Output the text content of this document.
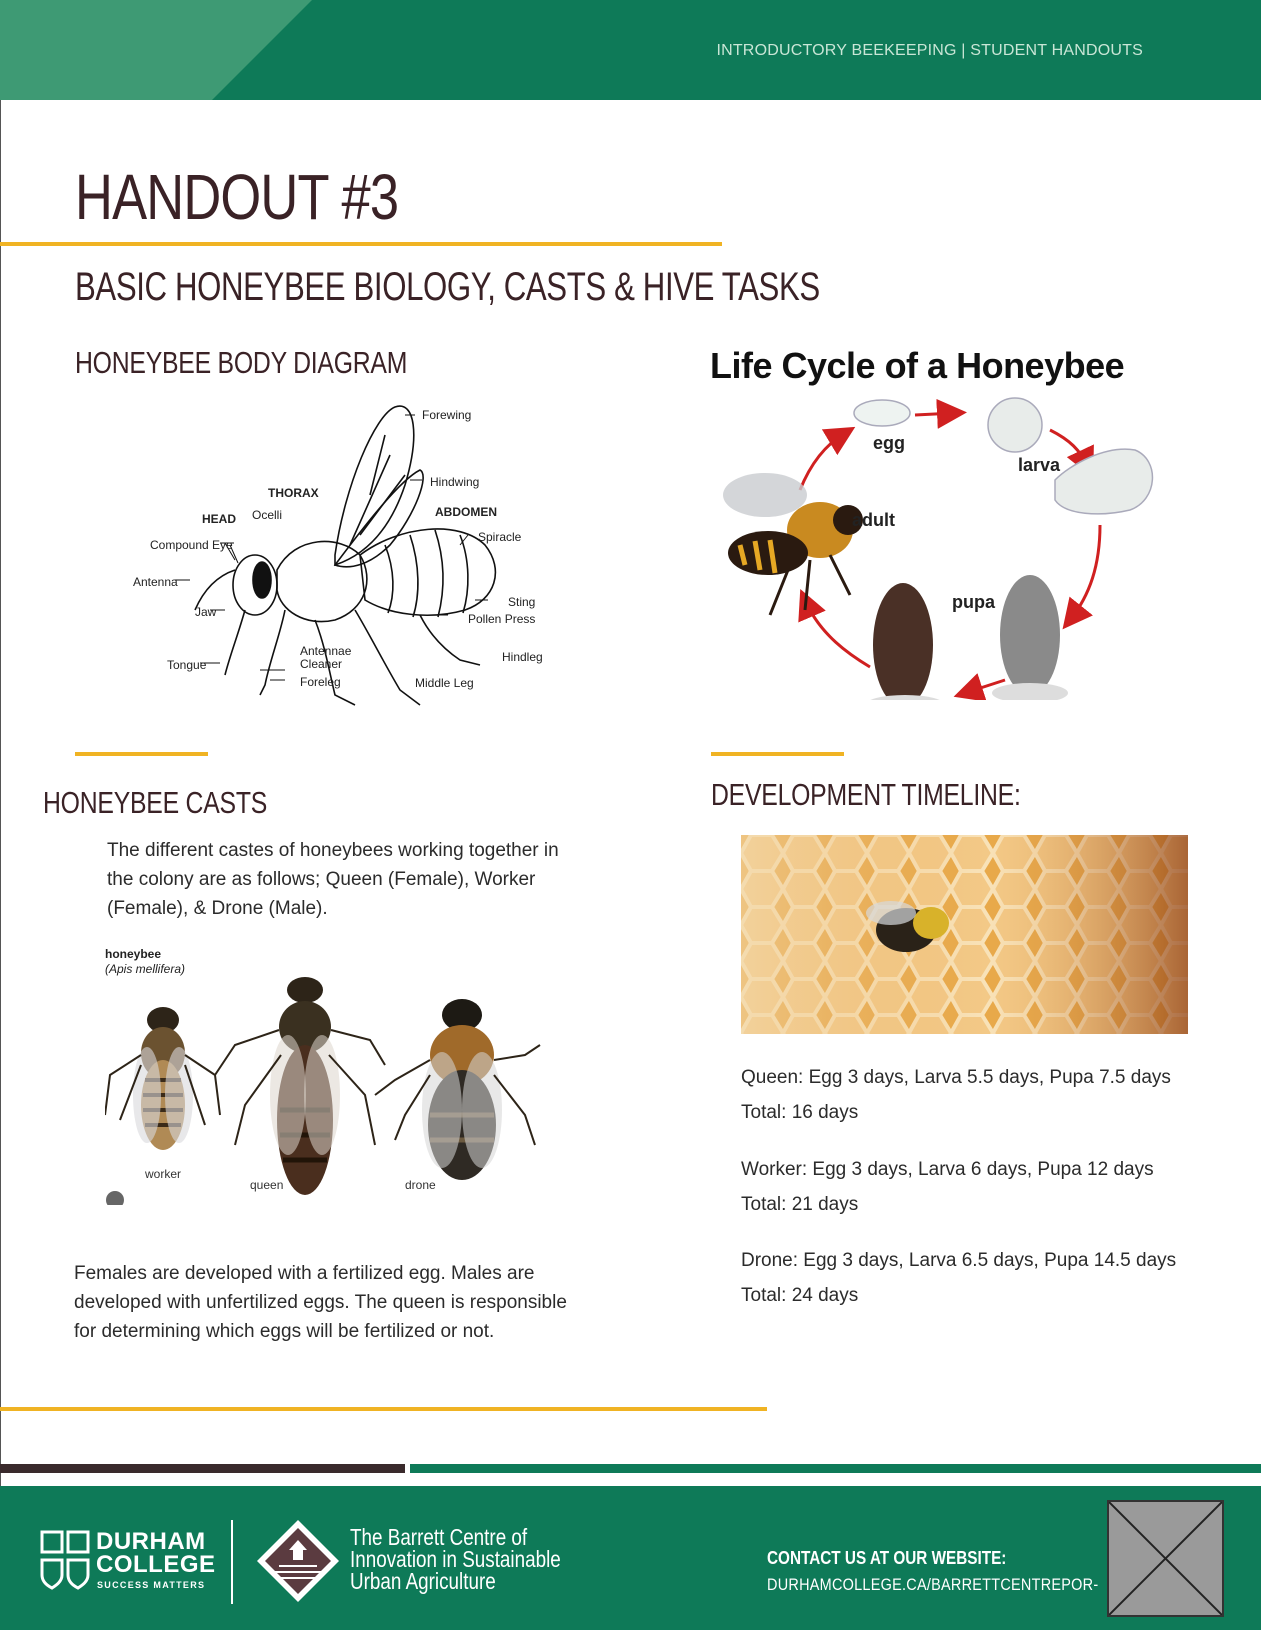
INTRODUCTORY BEEKEEPING | STUDENT HANDOUTS
HANDOUT #3
BASIC HONEYBEE BIOLOGY, CASTS & HIVE TASKS
HONEYBEE BODY DIAGRAM
Forewing
Hindwing
THORAX
HEAD Ocelli	ABDOMEN
Spiracle
Compound Eye
Antenna
Jaw
Sting
Pollen Press
Tongue
Antennae
Cleaner	Hindleg
Foreleg	Middle Leg
Life Cycle of a Honeybee
egg
larva
adult
pupa
HONEYBEE CASTS
The different castes of honeybees working together in the colony are as follows; Queen (Female), Worker (Female), & Drone (Male).
honeybee
(Apis mellifera)
worker
queen	drone
Females are developed with a fertilized egg. Males are developed with unfertilized eggs. The queen is responsible for determining which eggs will be fertilized or not.
DEVELOPMENT TIMELINE:
Queen: Egg 3 days, Larva 5.5 days, Pupa 7.5 days
Total: 16 days
Worker: Egg 3 days, Larva 6 days, Pupa 12 days
Total: 21 days
Drone: Egg 3 days, Larva 6.5 days, Pupa 14.5 days
Total: 24 days
DURHAM
COLLEGE
SUCCESS MATTERS
The Barrett Centre of
Innovation in Sustainable
Urban Agriculture
CONTACT US AT OUR WEBSITE:
DURHAMCOLLEGE.CA/BARRETTCENTREPOR-
